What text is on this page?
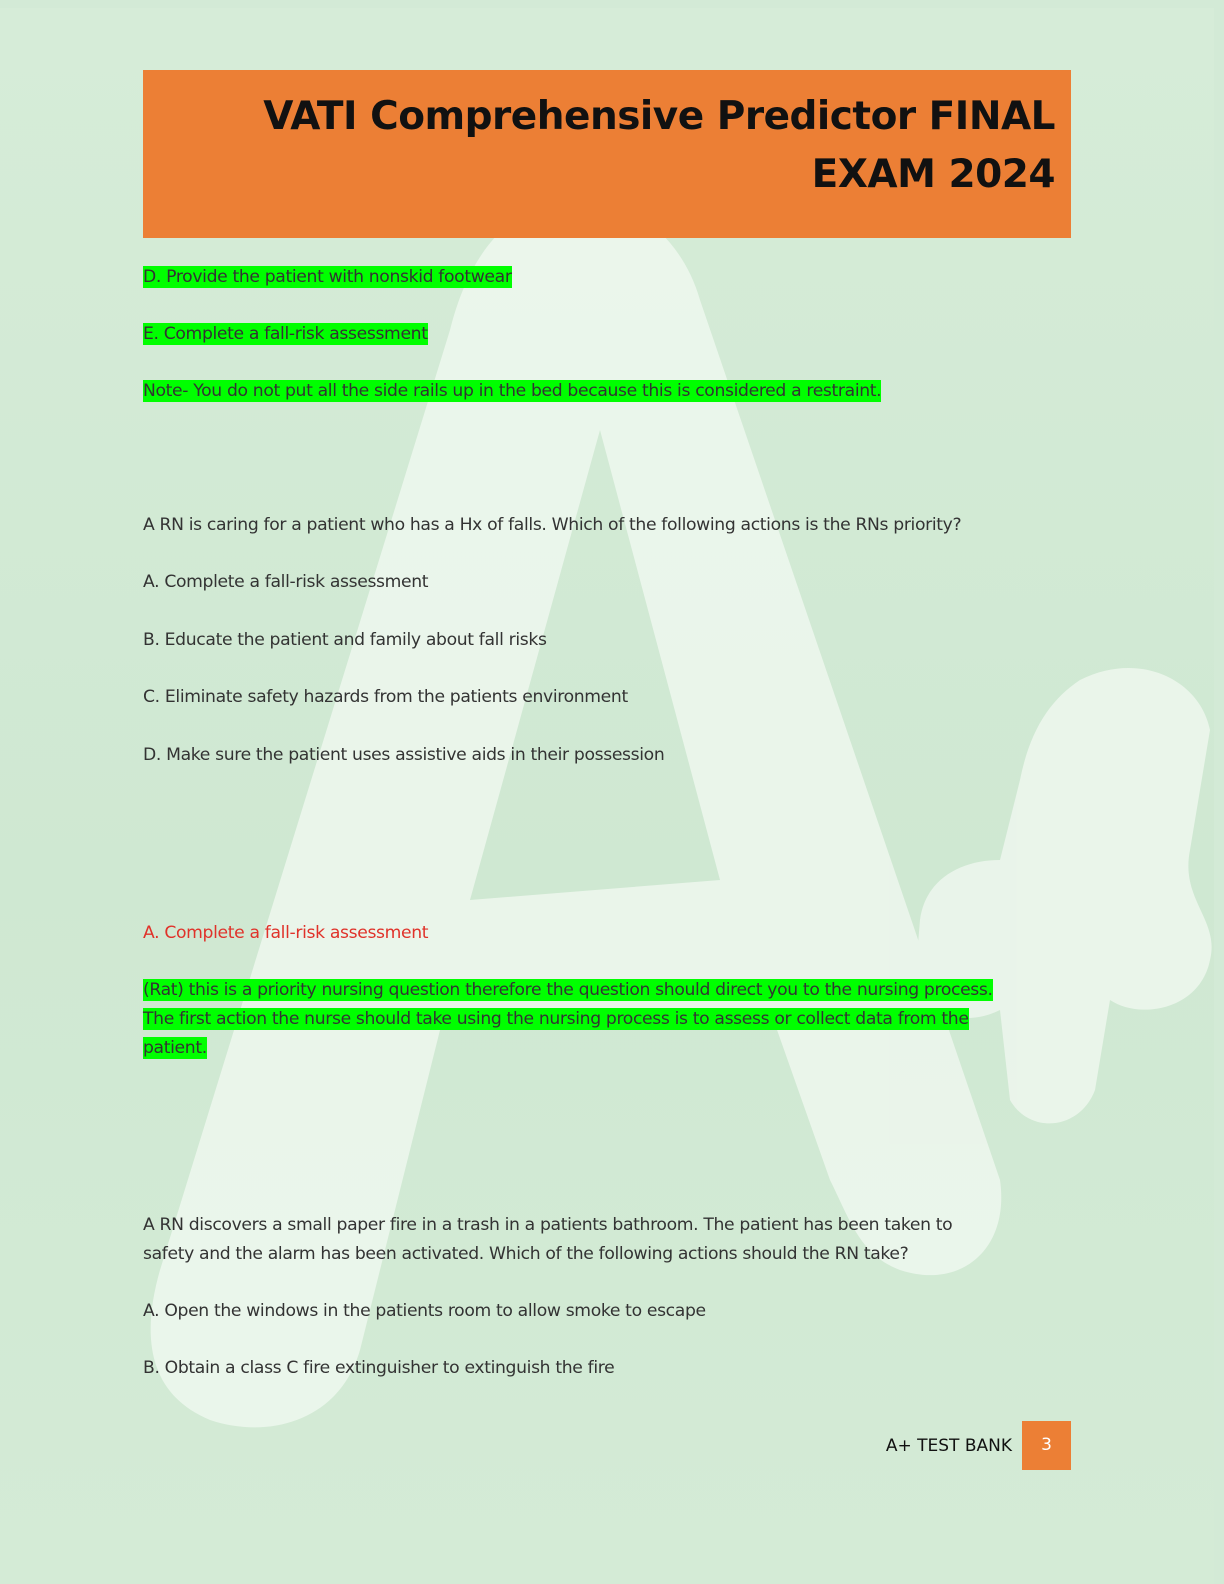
VATI Comprehensive Predictor FINAL
EXAM 2024
D. Provide the patient with nonskid footwear
E. Complete a fall-risk assessment
Note- You do not put all the side rails up in the bed because this is considered a restraint.
A RN is caring for a patient who has a Hx of falls. Which of the following actions is the RNs priority?
A. Complete a fall-risk assessment
B. Educate the patient and family about fall risks
C. Eliminate safety hazards from the patients environment
D. Make sure the patient uses assistive aids in their possession
A. Complete a fall-risk assessment
(Rat) this is a priority nursing question therefore the question should direct you to the nursing process.
The first action the nurse should take using the nursing process is to assess or collect data from the
patient.
A RN discovers a small paper fire in a trash in a patients bathroom. The patient has been taken to
safety and the alarm has been activated. Which of the following actions should the RN take?
A. Open the windows in the patients room to allow smoke to escape
B. Obtain a class C fire extinguisher to extinguish the fire
A+ TEST BANK	3
